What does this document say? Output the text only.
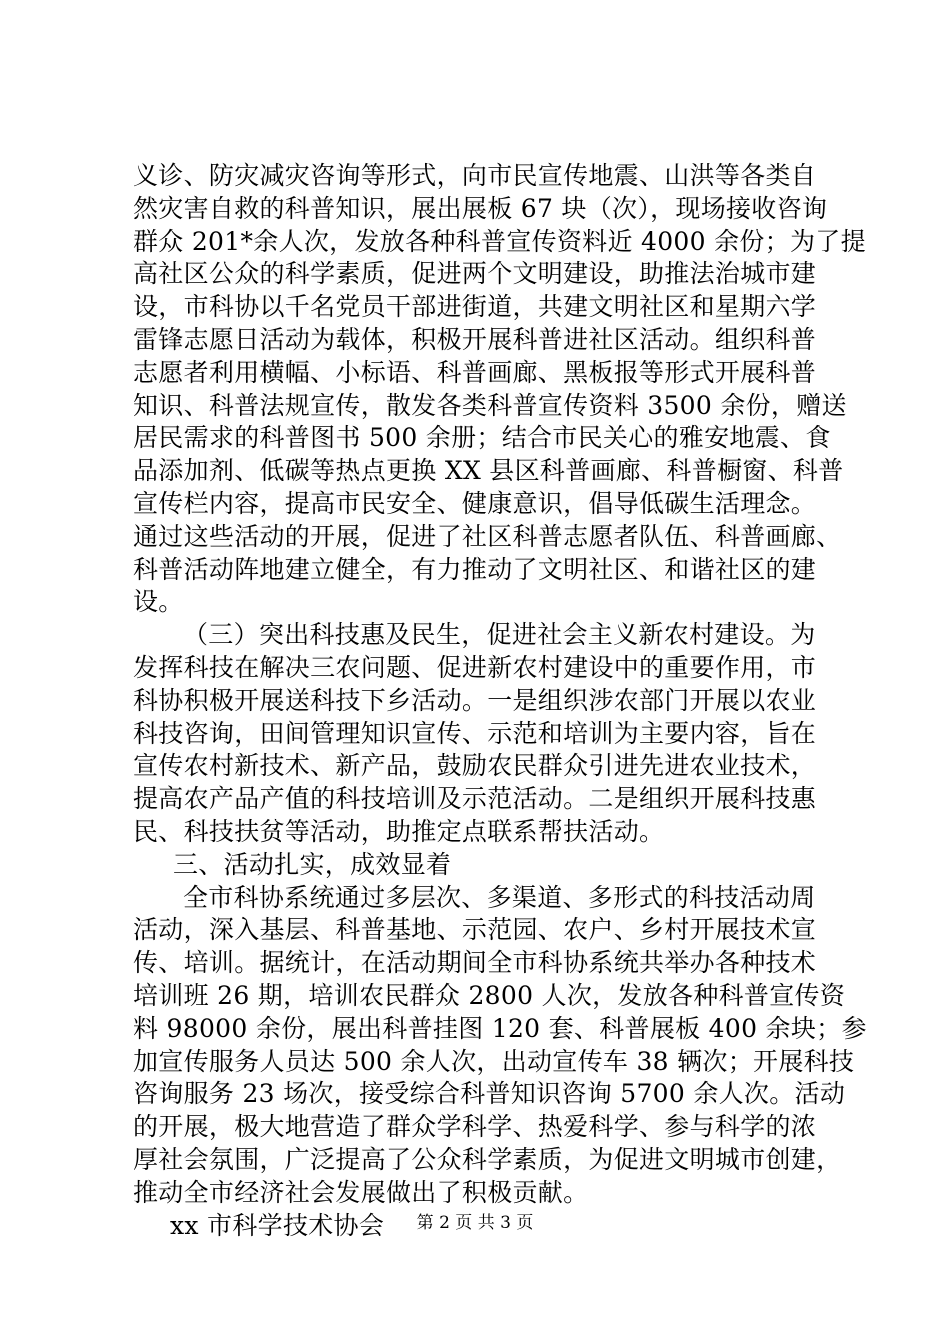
义诊、防灾减灾咨询等形式，向市民宣传地震、山洪等各类自
然灾害自救的科普知识，展出展板 67 块（次），现场接收咨询
群众 201*余人次，发放各种科普宣传资料近 4000 余份；为了提
高社区公众的科学素质，促进两个文明建设，助推法治城市建
设，市科协以千名党员干部进街道，共建文明社区和星期六学
雷锋志愿日活动为载体，积极开展科普进社区活动。组织科普
志愿者利用横幅、小标语、科普画廊、黑板报等形式开展科普
知识、科普法规宣传，散发各类科普宣传资料 3500 余份，赠送
居民需求的科普图书 500 余册；结合市民关心的雅安地震、食
品添加剂、低碳等热点更换 XX 县区科普画廊、科普橱窗、科普
宣传栏内容，提高市民安全、健康意识，倡导低碳生活理念。
通过这些活动的开展，促进了社区科普志愿者队伍、科普画廊、
科普活动阵地建立健全，有力推动了文明社区、和谐社区的建
设。
（三）突出科技惠及民生，促进社会主义新农村建设。为
发挥科技在解决三农问题、促进新农村建设中的重要作用，市
科协积极开展送科技下乡活动。一是组织涉农部门开展以农业
科技咨询，田间管理知识宣传、示范和培训为主要内容，旨在
宣传农村新技术、新产品，鼓励农民群众引进先进农业技术，
提高农产品产值的科技培训及示范活动。二是组织开展科技惠
民、科技扶贫等活动，助推定点联系帮扶活动。
三、活动扎实，成效显着
全市科协系统通过多层次、多渠道、多形式的科技活动周
活动，深入基层、科普基地、示范园、农户、乡村开展技术宣
传、培训。据统计，在活动期间全市科协系统共举办各种技术
培训班 26 期，培训农民群众 2800 人次，发放各种科普宣传资
料 98000 余份，展出科普挂图 120 套、科普展板 400 余块；参
加宣传服务人员达 500 余人次，出动宣传车 38 辆次；开展科技
咨询服务 23 场次，接受综合科普知识咨询 5700 余人次。活动
的开展，极大地营造了群众学科学、热爱科学、参与科学的浓
厚社会氛围，广泛提高了公众科学素质，为促进文明城市创建，
推动全市经济社会发展做出了积极贡献。
xx 市科学技术协会	第 2 页 共 3 页
